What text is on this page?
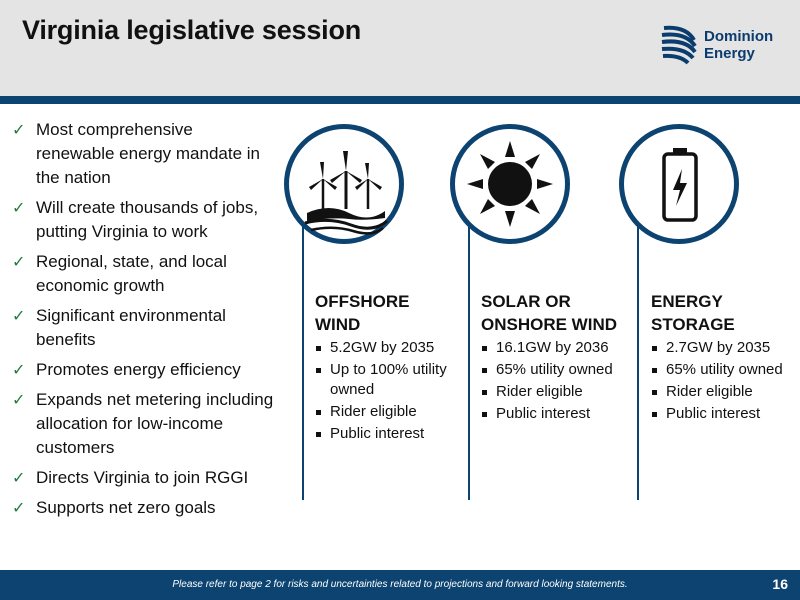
Virginia legislative session	Dominion
Energy
✓ Most comprehensive renewable energy mandate in the nation
✓ Will create thousands of jobs, putting Virginia to work
✓ Regional, state, and local economic growth
✓ Significant environmental benefits
✓ Promotes energy efficiency
✓ Expands net metering including allocation for low-income customers
✓ Directs Virginia to join RGGI
✓ Supports net zero goals
OFFSHORE
WIND
5.2GW by 2035
Up to 100% utility owned
Rider eligible
Public interest
SOLAR OR
ONSHORE WIND
16.1GW by 2036
65% utility owned
Rider eligible
Public interest
ENERGY
STORAGE
2.7GW by 2035
65% utility owned
Rider eligible
Public interest
Please refer to page 2 for risks and uncertainties related to projections and forward looking statements.	16
